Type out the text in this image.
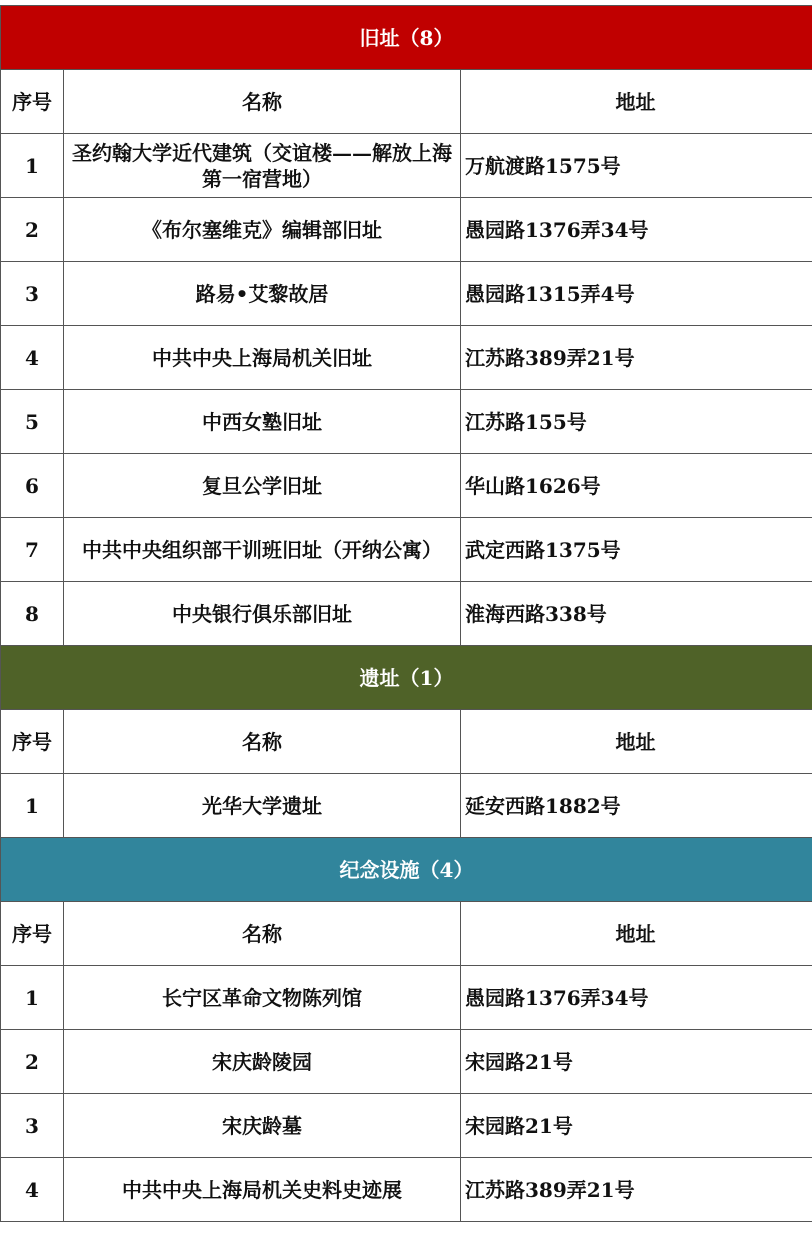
旧址（8）		
序号	名称	地址
1	圣约翰大学近代建筑（交谊楼——解放上海第一宿营地）	万航渡路1575号
2	《布尔塞维克》编辑部旧址	愚园路1376弄34号
3	路易•艾黎故居	愚园路1315弄4号
4	中共中央上海局机关旧址	江苏路389弄21号
5	中西女塾旧址	江苏路155号
6	复旦公学旧址	华山路1626号
7	中共中央组织部干训班旧址（开纳公寓）	武定西路1375号
8	中央银行俱乐部旧址	淮海西路338号
遗址（1）		
序号	名称	地址
1	光华大学遗址	延安西路1882号
纪念设施（4）		
序号	名称	地址
1	长宁区革命文物陈列馆	愚园路1376弄34号
2	宋庆龄陵园	宋园路21号
3	宋庆龄墓	宋园路21号
4	中共中央上海局机关史料史迹展	江苏路389弄21号
